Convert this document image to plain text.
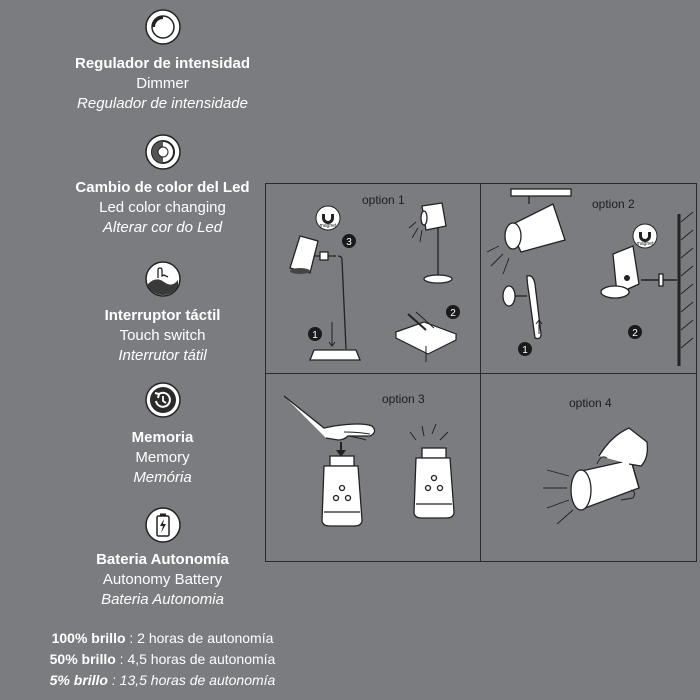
Regulador de intensidad
Dimmer
Regulador de intensidade
Cambio de color del Led
Led color changing
Alterar cor do Led
Interruptor táctil
Touch switch
Interrutor tátil
Memoria
Memory
Memória
Bateria Autonomía
Autonomy Battery
Bateria Autonomia
100% brillo : 2 horas de autonomía
50% brillo : 4,5 horas de autonomía
5% brillo : 13,5 horas de autonomía
option 1
magnet
3
1
2
option 2
1
magnet
2
option 3	option 4
